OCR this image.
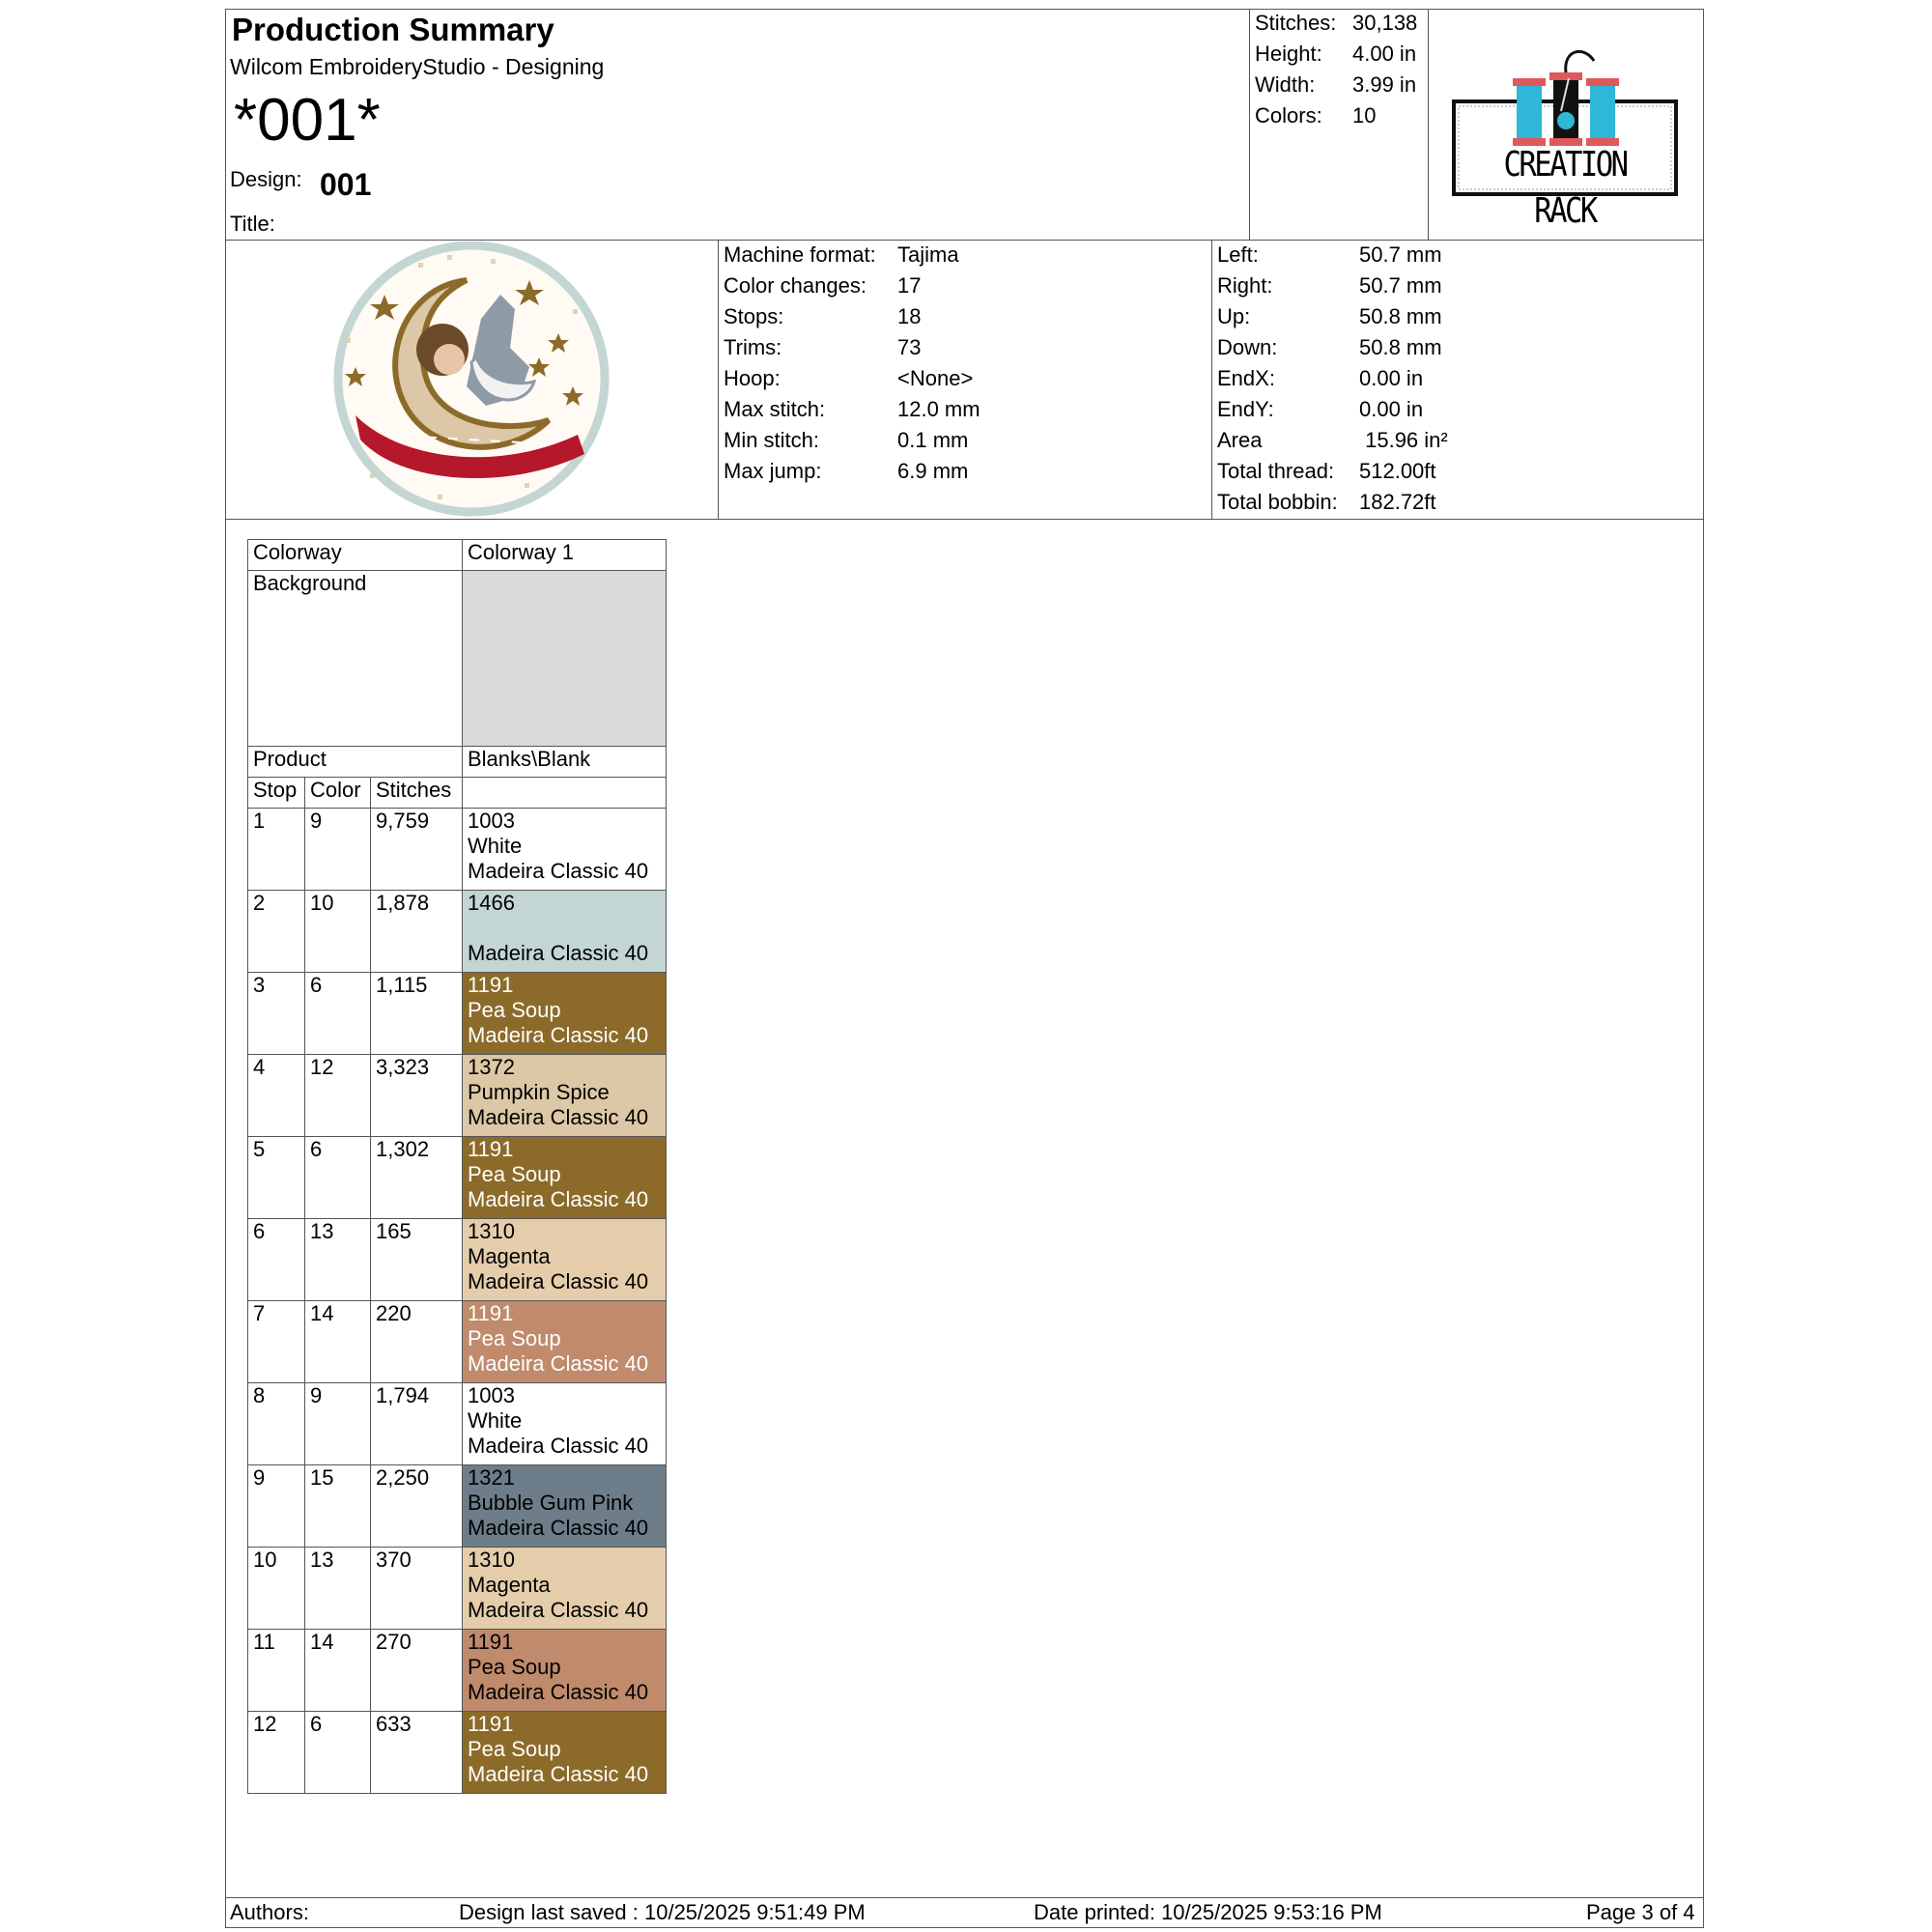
Production Summary
Wilcom EmbroideryStudio - Designing
*001*
Design: 001
Title:
Stitches: 30,138
Height: 4.00 in
Width: 3.99 in
Colors: 10
CREATION RACK
Machine format: Tajima
Color changes: 17
Stops:	18
Trims:	73
Hoop:	<None>
Max stitch:	12.0 mm
Min stitch:	0.1 mm
Max jump:	6.9 mm
Left:	50.7 mm
Right:	50.7 mm
Up:	50.8 mm
Down:	50.8 mm
EndX:	0.00 in
EndY:	0.00 in
Area	15.96 in²
Total thread: 512.00ft
Total bobbin: 182.72ft
Colorway			Colorway 1
Background			
Product			Blanks\Blank
Stop	Color	Stitches	
1	9	9,759	1003
White
Madeira Classic 40

2	10	1,878	1466
Madeira Classic 40

3	6	1,115	1191
Pea Soup
Madeira Classic 40

4	12	3,323	1372
Pumpkin Spice
Madeira Classic 40

5	6	1,302	1191
Pea Soup
Madeira Classic 40

6	13	165	1310
Magenta
Madeira Classic 40

7	14	220	1191
Pea Soup
Madeira Classic 40

8	9	1,794	1003
White
Madeira Classic 40

9	15	2,250	1321
Bubble Gum Pink
Madeira Classic 40

10	13	370	1310
Magenta
Madeira Classic 40

11	14	270	1191
Pea Soup
Madeira Classic 40

12	6	633	1191
Pea Soup
Madeira Classic 40
Authors:	Design last saved : 10/25/2025 9:51:49 PM	Date printed: 10/25/2025 9:53:16 PM	Page 3 of 4
